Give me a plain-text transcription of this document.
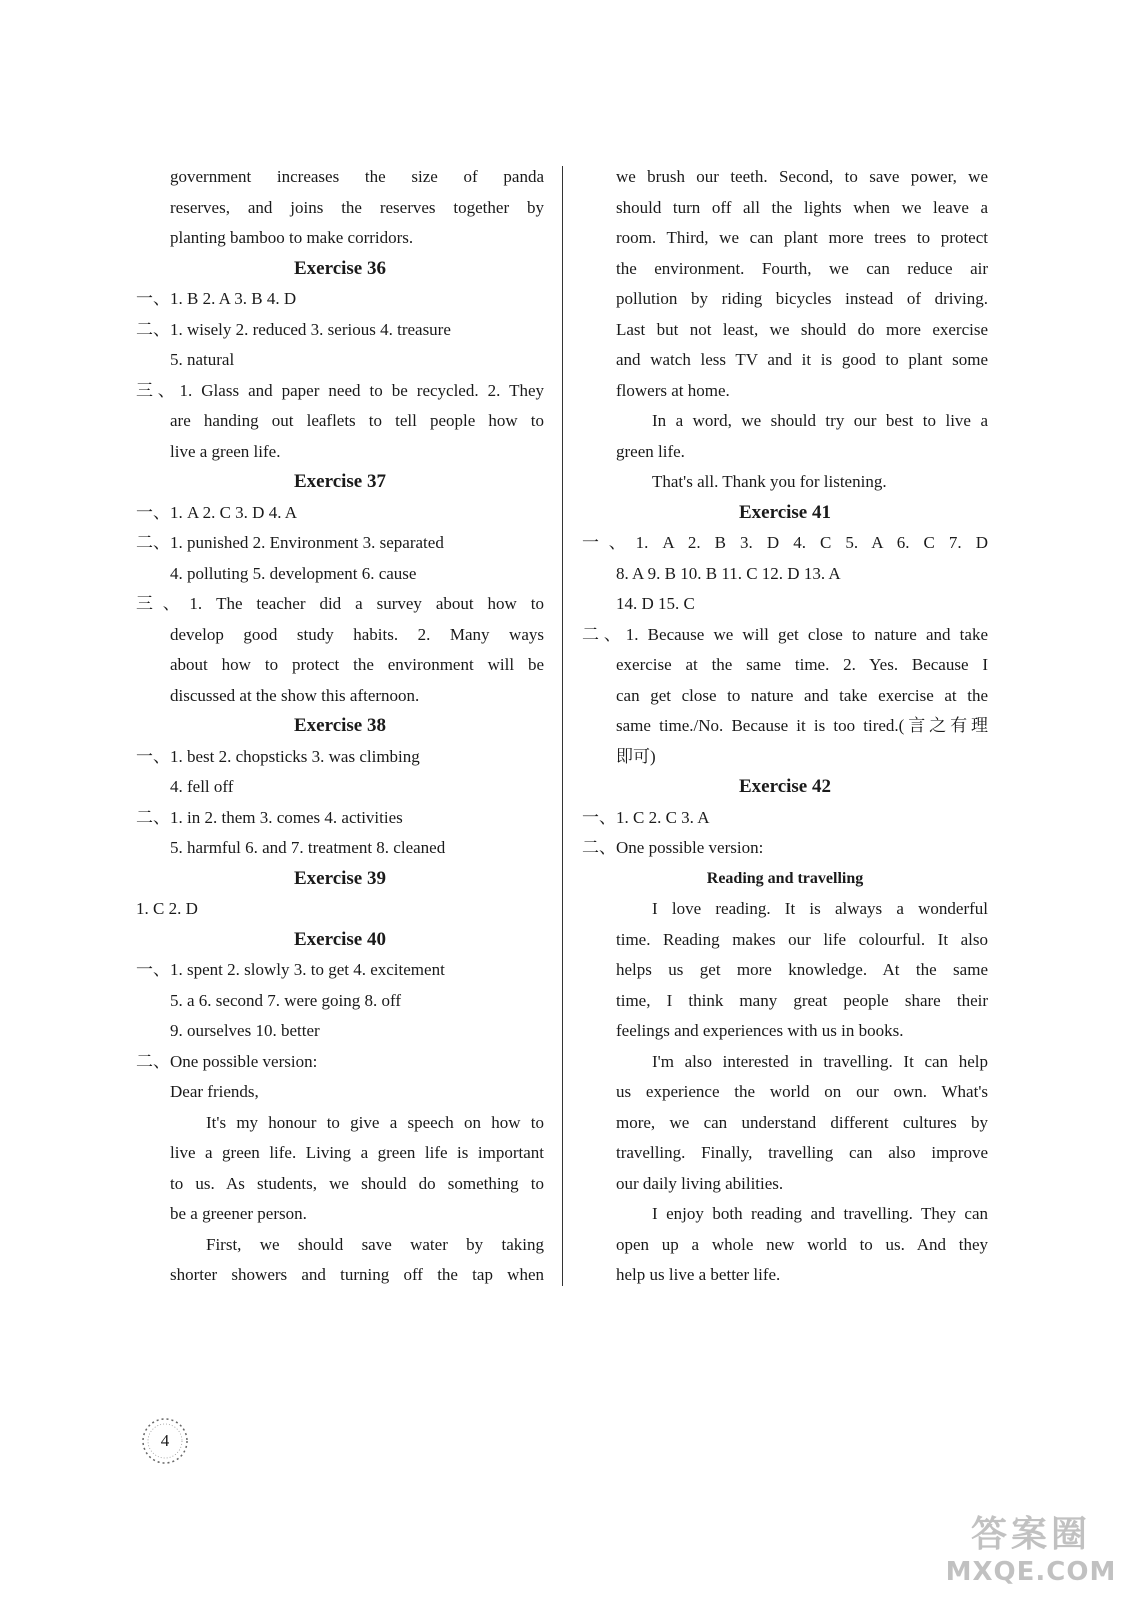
government increases the size of panda
reserves, and joins the reserves together by
planting bamboo to make corridors.
Exercise 36
一、1. B 2. A 3. B 4. D
二、1. wisely 2. reduced 3. serious 4. treasure
5. natural
三、1. Glass and paper need to be recycled. 2. They
are handing out leaflets to tell people how to
live a green life.
Exercise 37
一、1. A 2. C 3. D 4. A
二、1. punished 2. Environment 3. separated
4. polluting 5. development 6. cause
三、1. The teacher did a survey about how to
develop good study habits. 2. Many ways
about how to protect the environment will be
discussed at the show this afternoon.
Exercise 38
一、1. best 2. chopsticks 3. was climbing
4. fell off
二、1. in 2. them 3. comes 4. activities
5. harmful 6. and 7. treatment 8. cleaned
Exercise 39
1. C 2. D
Exercise 40
一、1. spent 2. slowly 3. to get 4. excitement
5. a 6. second 7. were going 8. off
9. ourselves 10. better
二、One possible version:
Dear friends,
It's my honour to give a speech on how to
live a green life. Living a green life is important
to us. As students, we should do something to
be a greener person.
First, we should save water by taking
shorter showers and turning off the tap when
we brush our teeth. Second, to save power, we
should turn off all the lights when we leave a
room. Third, we can plant more trees to protect
the environment. Fourth, we can reduce air
pollution by riding bicycles instead of driving.
Last but not least, we should do more exercise
and watch less TV and it is good to plant some
flowers at home.
In a word, we should try our best to live a
green life.
That's all. Thank you for listening.
Exercise 41
一、1. A 2. B 3. D 4. C 5. A 6. C 7. D
8. A 9. B 10. B 11. C 12. D 13. A
14. D 15. C
二、1. Because we will get close to nature and take
exercise at the same time. 2. Yes. Because I
can get close to nature and take exercise at the
same time./No. Because it is too tired.(言之有理
即可)
Exercise 42
一、1. C 2. C 3. A
二、One possible version:
Reading and travelling
I love reading. It is always a wonderful
time. Reading makes our life colourful. It also
helps us get more knowledge. At the same
time, I think many great people share their
feelings and experiences with us in books.
I'm also interested in travelling. It can help
us experience the world on our own. What's
more, we can understand different cultures by
travelling. Finally, travelling can also improve
our daily living abilities.
I enjoy both reading and travelling. They can
open up a whole new world to us. And they
help us live a better life.
4
答案圈
MXQE.COM
